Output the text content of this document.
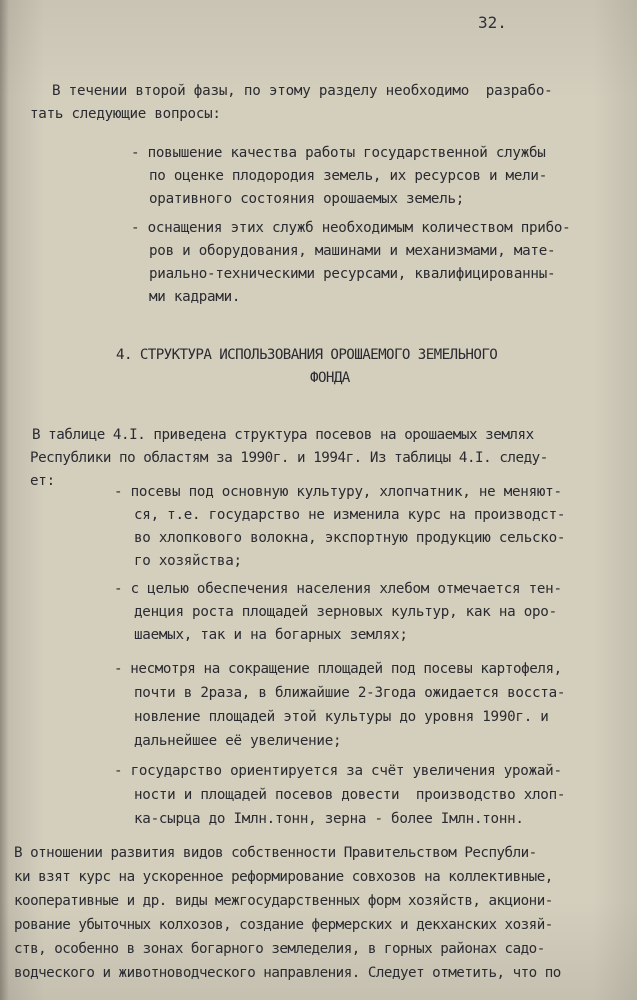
32.
В течении второй фазы, по этому разделу необходимо  разрабо-
тать следующие вопросы:
- повышение качества работы государственной службы
по оценке плодородия земель, их ресурсов и мели-
оративного состояния орошаемых земель;
- оснащения этих служб необходимым количеством прибо-
ров и оборудования, машинами и механизмами, мате-
риально-техническими ресурсами, квалифицированны-
ми кадрами.
4. СТРУКТУРА ИСПОЛЬЗОВАНИЯ ОРОШАЕМОГО ЗЕМЕЛЬНОГО
ФОНДА
В таблице 4.I. приведена структура посевов на орошаемых землях
Республики по областям за 1990г. и 1994г. Из таблицы 4.I. следу-
ет:
- посевы под основную культуру, хлопчатник, не меняют-
ся, т.е. государство не изменила курс на производст-
во хлопкового волокна, экспортную продукцию сельско-
го хозяйства;
- с целью обеспечения населения хлебом отмечается тен-
денция роста площадей зерновых культур, как на оро-
шаемых, так и на богарных землях;
- несмотря на сокращение площадей под посевы картофеля,
почти в 2раза, в ближайшие 2-3года ожидается восста-
новление площадей этой культуры до уровня 1990г. и
дальнейшее её увеличение;
- государство ориентируется за счёт увеличения урожай-
ности и площадей посевов довести  производство хлоп-
ка-сырца до Iмлн.тонн, зерна - более Iмлн.тонн.
В отношении развития видов собственности Правительством Республи-
ки взят курс на ускоренное реформирование совхозов на коллективные,
кооперативные и др. виды межгосударственных форм хозяйств, акциони-
рование убыточных колхозов, создание фермерских и декханских хозяй-
ств, особенно в зонах богарного земледелия, в горных районах садо-
водческого и животноводческого направления. Следует отметить, что по
